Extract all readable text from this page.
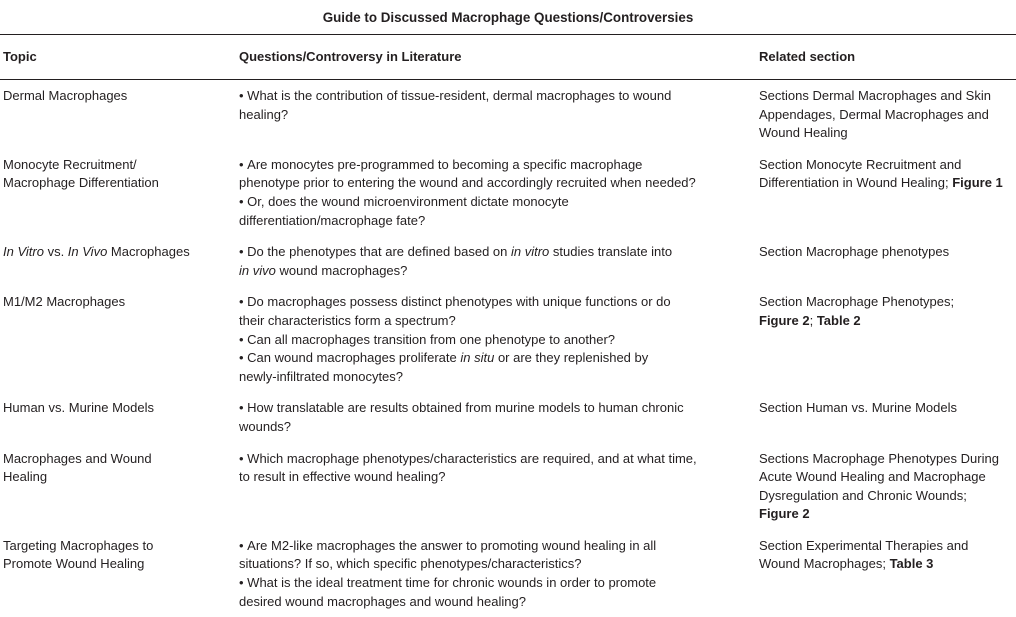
Guide to Discussed Macrophage Questions/Controversies
Topic	Questions/Controversy in Literature	Related section

Dermal Macrophages	• What is the contribution of tissue-resident, dermal macrophages to wound
healing?	Sections Dermal Macrophages and Skin
Appendages, Dermal Macrophages and
Wound Healing

Monocyte Recruitment/
Macrophage Differentiation	• Are monocytes pre-programmed to becoming a specific macrophage
phenotype prior to entering the wound and accordingly recruited when needed?
• Or, does the wound microenvironment dictate monocyte
differentiation/macrophage fate?	Section Monocyte Recruitment and
Differentiation in Wound Healing; Figure 1

In Vitro vs. In Vivo Macrophages	• Do the phenotypes that are defined based on in vitro studies translate into
in vivo wound macrophages?	Section Macrophage phenotypes

M1/M2 Macrophages	• Do macrophages possess distinct phenotypes with unique functions or do
their characteristics form a spectrum?
• Can all macrophages transition from one phenotype to another?
• Can wound macrophages proliferate in situ or are they replenished by
newly-infiltrated monocytes?	Section Macrophage Phenotypes;
Figure 2; Table 2

Human vs. Murine Models	• How translatable are results obtained from murine models to human chronic
wounds?	Section Human vs. Murine Models

Macrophages and Wound
Healing	• Which macrophage phenotypes/characteristics are required, and at what time,
to result in effective wound healing?	Sections Macrophage Phenotypes During
Acute Wound Healing and Macrophage
Dysregulation and Chronic Wounds;
Figure 2

Targeting Macrophages to
Promote Wound Healing	• Are M2-like macrophages the answer to promoting wound healing in all
situations? If so, which specific phenotypes/characteristics?
• What is the ideal treatment time for chronic wounds in order to promote
desired wound macrophages and wound healing?	Section Experimental Therapies and
Wound Macrophages; Table 3
